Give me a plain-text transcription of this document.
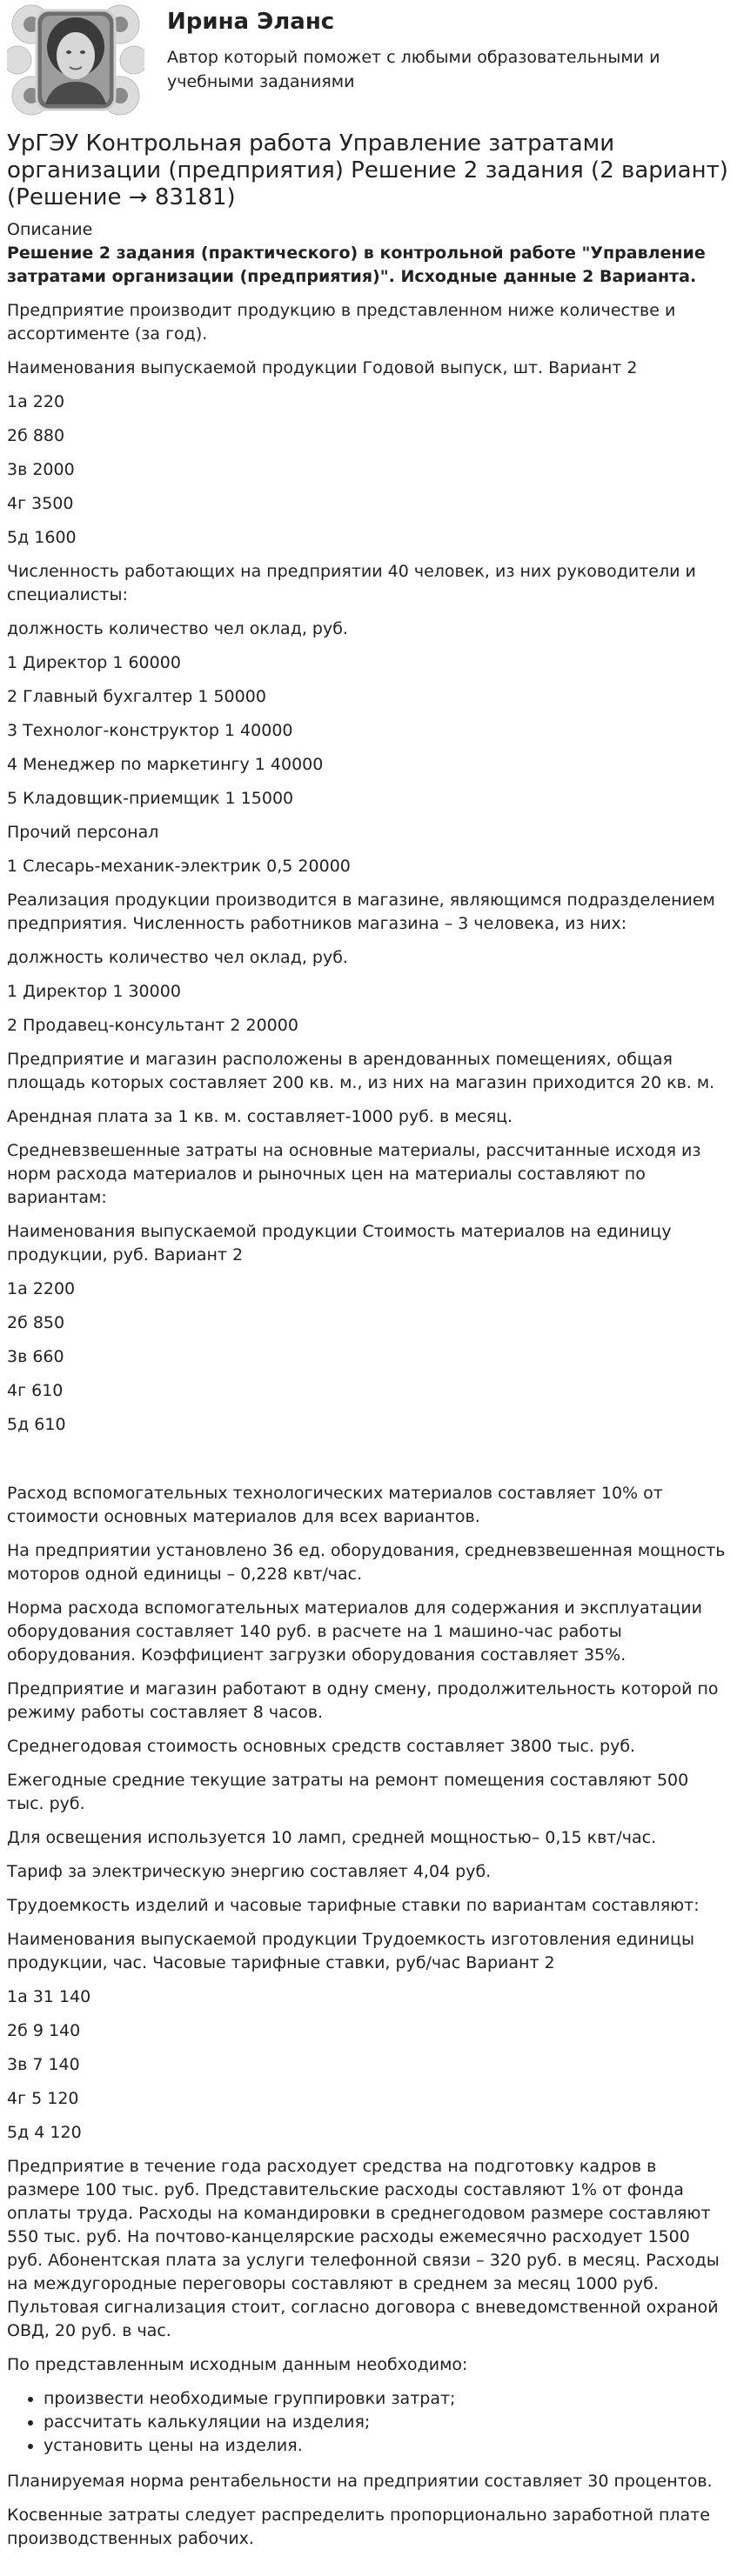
Ирина Эланс
Автор который поможет с любыми образовательными и учебными заданиями
УрГЭУ Контрольная работа Управление затратами организации (предприятия) Решение 2 задания (2 вариант) (Решение → 83181)
Описание
Решение 2 задания (практического) в контрольной работе "Управление затратами организации (предприятия)". Исходные данные 2 Варианта.

Предприятие производит продукцию в представленном ниже количестве и ассортименте (за год).

Наименования выпускаемой продукции Годовой выпуск, шт. Вариант 2

1а 220

2б 880

3в 2000

4г 3500

5д 1600

Численность работающих на предприятии 40 человек, из них руководители и специалисты:

должность количество чел оклад, руб.

1 Директор 1 60000

2 Главный бухгалтер 1 50000

3 Технолог-конструктор 1 40000

4 Менеджер по маркетингу 1 40000

5 Кладовщик-приемщик 1 15000

Прочий персонал

1 Слесарь-механик-электрик 0,5 20000

Реализация продукции производится в магазине, являющимся подразделением предприятия. Численность работников магазина – 3 человека, из них:

должность количество чел оклад, руб.

1 Директор 1 30000

2 Продавец-консультант 2 20000

Предприятие и магазин расположены в арендованных помещениях, общая площадь которых составляет 200 кв. м., из них на магазин приходится 20 кв. м.

Арендная плата за 1 кв. м. составляет-1000 руб. в месяц.

Средневзвешенные затраты на основные материалы, рассчитанные исходя из норм расхода материалов и рыночных цен на материалы составляют по вариантам:

Наименования выпускаемой продукции Стоимость материалов на единицу продукции, руб. Вариант 2

1а 2200

2б 850

3в 660

4г 610

5д 610

Расход вспомогательных технологических материалов составляет 10% от стоимости основных материалов для всех вариантов.

На предприятии установлено 36 ед. оборудования, средневзвешенная мощность моторов одной единицы – 0,228 квт/час.

Норма расхода вспомогательных материалов для содержания и эксплуатации оборудования составляет 140 руб. в расчете на 1 машино-час работы оборудования. Коэффициент загрузки оборудования составляет 35%.

Предприятие и магазин работают в одну смену, продолжительность которой по режиму работы составляет 8 часов.

Среднегодовая стоимость основных средств составляет 3800 тыс. руб.

Ежегодные средние текущие затраты на ремонт помещения составляют 500 тыс. руб.

Для освещения используется 10 ламп, средней мощностью– 0,15 квт/час.

Тариф за электрическую энергию составляет 4,04 руб.

Трудоемкость изделий и часовые тарифные ставки по вариантам составляют:

Наименования выпускаемой продукции Трудоемкость изготовления единицы продукции, час. Часовые тарифные ставки, руб/час Вариант 2

1а 31 140

2б 9 140

3в 7 140

4г 5 120

5д 4 120

Предприятие в течение года расходует средства на подготовку кадров в размере 100 тыс. руб. Представительские расходы составляют 1% от фонда оплаты труда. Расходы на командировки в среднегодовом размере составляют 550 тыс. руб. На почтово-канцелярские расходы ежемесячно расходует 1500 руб. Абонентская плата за услуги телефонной связи – 320 руб. в месяц. Расходы на междугородные переговоры составляют в среднем за месяц 1000 руб. Пультовая сигнализация стоит, согласно договора с вневедомственной охраной ОВД, 20 руб. в час.

По представленным исходным данным необходимо:

• произвести необходимые группировки затрат;
• рассчитать калькуляции на изделия;
• установить цены на изделия.

Планируемая норма рентабельности на предприятии составляет 30 процентов.

Косвенные затраты следует распределить пропорционально заработной плате производственных рабочих.
